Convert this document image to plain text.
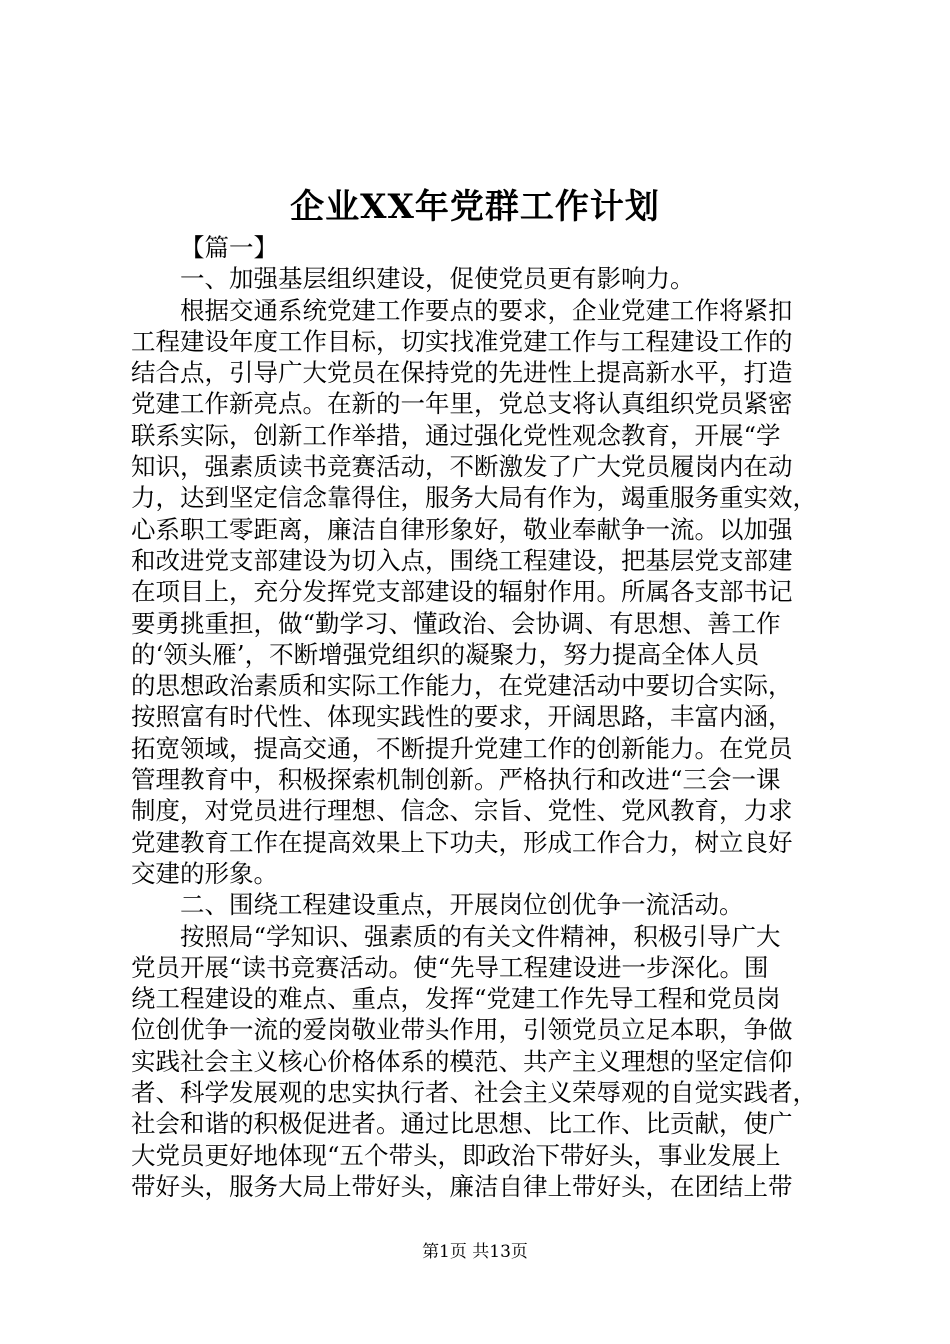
企业XX年党群工作计划
【篇一】
一、加强基层组织建设，促使党员更有影响力。
根据交通系统党建工作要点的要求，企业党建工作将紧扣
工程建设年度工作目标，切实找准党建工作与工程建设工作的
结合点，引导广大党员在保持党的先进性上提高新水平，打造
党建工作新亮点。在新的一年里，党总支将认真组织党员紧密
联系实际，创新工作举措，通过强化党性观念教育，开展“学
知识，强素质读书竞赛活动，不断激发了广大党员履岗内在动
力，达到坚定信念靠得住，服务大局有作为，竭重服务重实效，
心系职工零距离，廉洁自律形象好，敬业奉献争一流。以加强
和改进党支部建设为切入点，围绕工程建设，把基层党支部建
在项目上，充分发挥党支部建设的辐射作用。所属各支部书记
要勇挑重担，做“勤学习、懂政治、会协调、有思想、善工作
的‘领头雁’，不断增强党组织的凝聚力，努力提高全体人员
的思想政治素质和实际工作能力，在党建活动中要切合实际，
按照富有时代性、体现实践性的要求，开阔思路，丰富内涵，
拓宽领域，提高交通，不断提升党建工作的创新能力。在党员
管理教育中，积极探索机制创新。严格执行和改进“三会一课
制度，对党员进行理想、信念、宗旨、党性、党风教育，力求
党建教育工作在提高效果上下功夫，形成工作合力，树立良好
交建的形象。
二、围绕工程建设重点，开展岗位创优争一流活动。
按照局“学知识、强素质的有关文件精神，积极引导广大
党员开展“读书竞赛活动。使“先导工程建设进一步深化。围
绕工程建设的难点、重点，发挥“党建工作先导工程和党员岗
位创优争一流的爱岗敬业带头作用，引领党员立足本职，争做
实践社会主义核心价格体系的模范、共产主义理想的坚定信仰
者、科学发展观的忠实执行者、社会主义荣辱观的自觉实践者，
社会和谐的积极促进者。通过比思想、比工作、比贡献，使广
大党员更好地体现“五个带头，即政治下带好头，事业发展上
带好头，服务大局上带好头，廉洁自律上带好头，在团结上带
第1页 共13页
